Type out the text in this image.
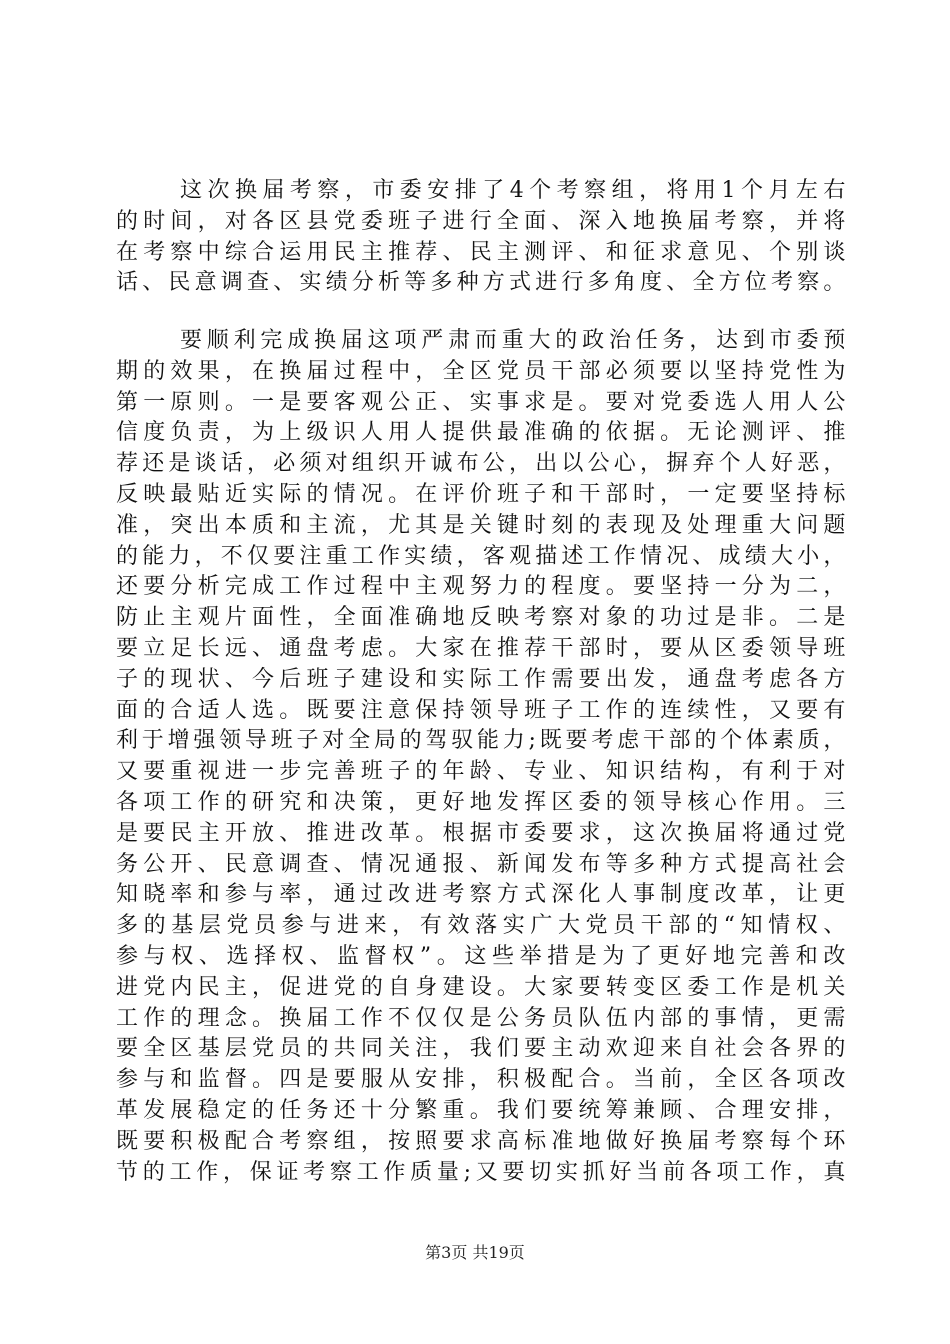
这次换届考察，市委安排了4个考察组，将用1个月左右
的时间，对各区县党委班子进行全面、深入地换届考察，并将
在考察中综合运用民主推荐、民主测评、和征求意见、个别谈
话、民意调查、实绩分析等多种方式进行多角度、全方位考察。
要顺利完成换届这项严肃而重大的政治任务，达到市委预
期的效果，在换届过程中，全区党员干部必须要以坚持党性为
第一原则。一是要客观公正、实事求是。要对党委选人用人公
信度负责，为上级识人用人提供最准确的依据。无论测评、推
荐还是谈话，必须对组织开诚布公，出以公心，摒弃个人好恶，
反映最贴近实际的情况。在评价班子和干部时，一定要坚持标
准，突出本质和主流，尤其是关键时刻的表现及处理重大问题
的能力，不仅要注重工作实绩，客观描述工作情况、成绩大小，
还要分析完成工作过程中主观努力的程度。要坚持一分为二，
防止主观片面性，全面准确地反映考察对象的功过是非。二是
要立足长远、通盘考虑。大家在推荐干部时，要从区委领导班
子的现状、今后班子建设和实际工作需要出发，通盘考虑各方
面的合适人选。既要注意保持领导班子工作的连续性，又要有
利于增强领导班子对全局的驾驭能力;既要考虑干部的个体素质，
又要重视进一步完善班子的年龄、专业、知识结构，有利于对
各项工作的研究和决策，更好地发挥区委的领导核心作用。三
是要民主开放、推进改革。根据市委要求，这次换届将通过党
务公开、民意调查、情况通报、新闻发布等多种方式提高社会
知晓率和参与率，通过改进考察方式深化人事制度改革，让更
多的基层党员参与进来，有效落实广大党员干部的“知情权、
参与权、选择权、监督权”。这些举措是为了更好地完善和改
进党内民主，促进党的自身建设。大家要转变区委工作是机关
工作的理念。换届工作不仅仅是公务员队伍内部的事情，更需
要全区基层党员的共同关注，我们要主动欢迎来自社会各界的
参与和监督。四是要服从安排，积极配合。当前，全区各项改
革发展稳定的任务还十分繁重。我们要统筹兼顾、合理安排，
既要积极配合考察组，按照要求高标准地做好换届考察每个环
节的工作，保证考察工作质量;又要切实抓好当前各项工作，真
第3页 共19页
